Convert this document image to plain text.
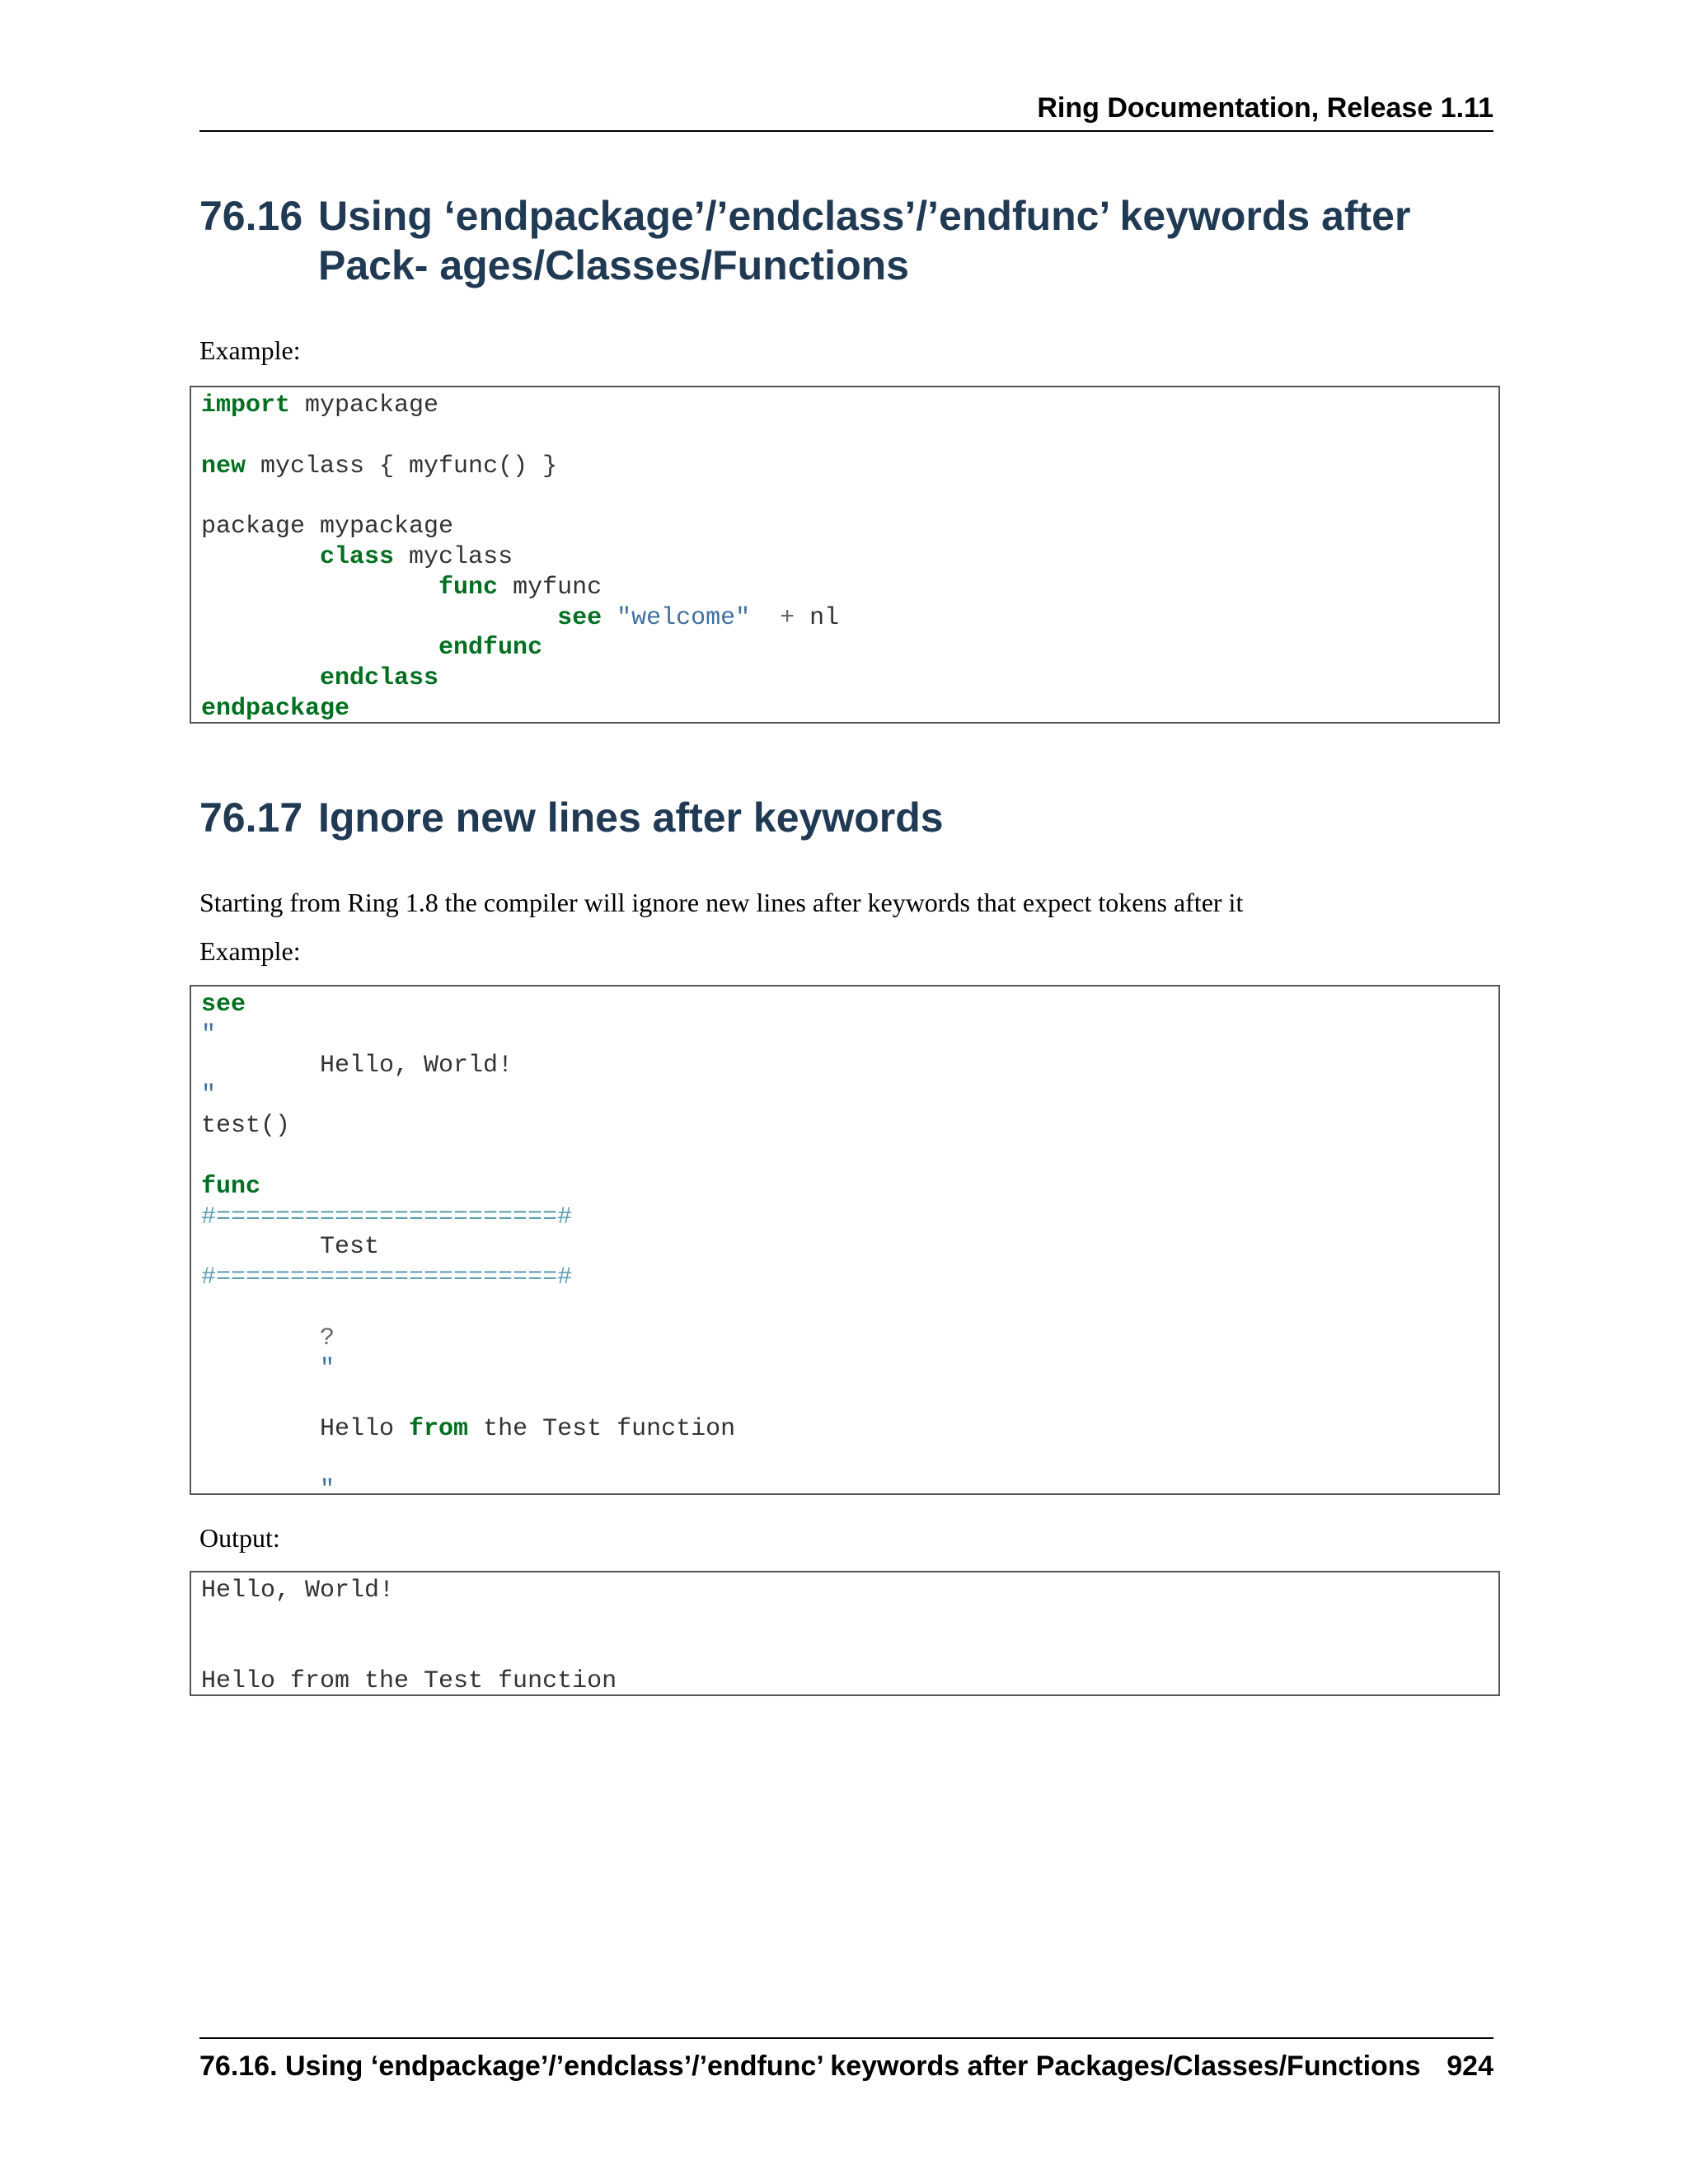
Ring Documentation, Release 1.11
76.16 Using ‘endpackage’/’endclass’/’endfunc’ keywords after Pack- ages/Classes/Functions

Example:

import mypackage
new myclass { myfunc() }
package mypackage
class myclass
func myfunc
see "welcome" + nl
endfunc
endclass
endpackage
76.17 Ignore new lines after keywords

Starting from Ring 1.8 the compiler will ignore new lines after keywords that expect tokens after it

Example:

see
"
Hello, World!
"
test()
func
#=======================#
Test
#=======================#
?
"
Hello from the Test function
"

Output:

Hello, World!
Hello from the Test function
76.16. Using ‘endpackage’/’endclass’/’endfunc’ keywords after Packages/Classes/Functions 924
